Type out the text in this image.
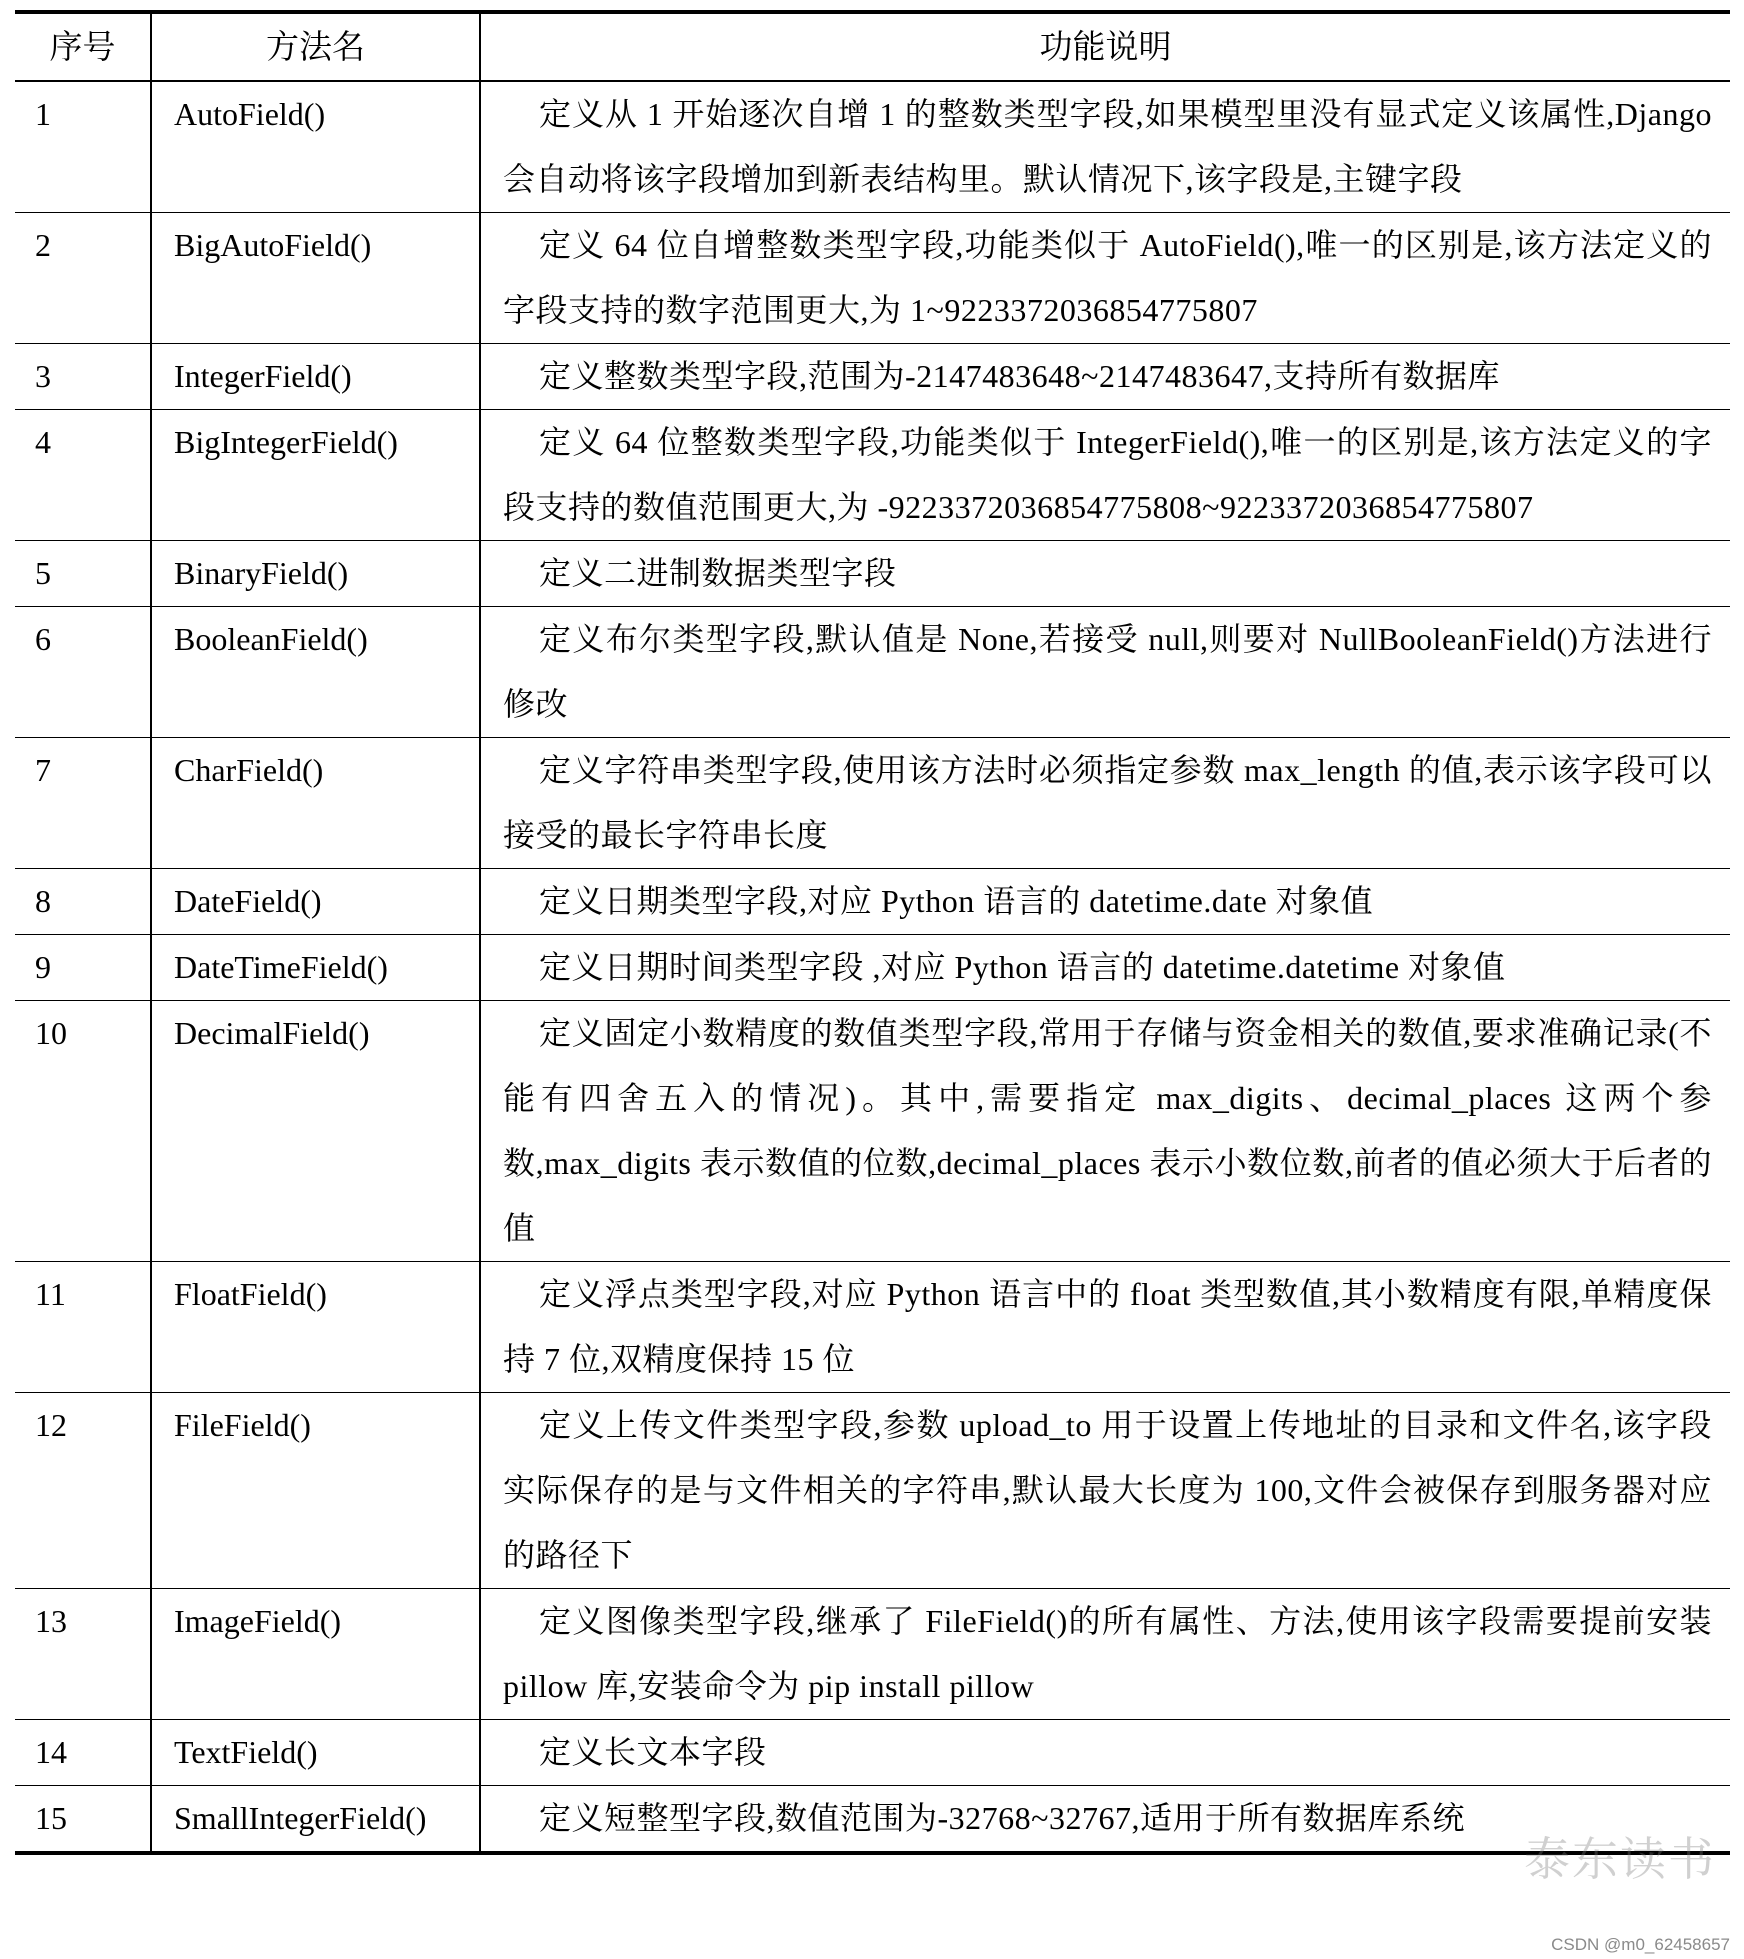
序号	方法名	功能说明
1	AutoField()	定义从 1 开始逐次自增 1 的整数类型字段,如果模型里没有显式定义该属性,Django 会自动将该字段增加到新表结构里。默认情况下,该字段是,主键字段
2	BigAutoField()	定义 64 位自增整数类型字段,功能类似于 AutoField(),唯一的区别是,该方法定义的字段支持的数字范围更大,为 1~9223372036854775807
3	IntegerField()	定义整数类型字段,范围为-2147483648~2147483647,支持所有数据库
4	BigIntegerField()	定义 64 位整数类型字段,功能类似于 IntegerField(),唯一的区别是,该方法定义的字段支持的数值范围更大,为 -9223372036854775808~9223372036854775807
5	BinaryField()	定义二进制数据类型字段
6	BooleanField()	定义布尔类型字段,默认值是 None,若接受 null,则要对 NullBooleanField()方法进行修改
7	CharField()	定义字符串类型字段,使用该方法时必须指定参数 max_length 的值,表示该字段可以接受的最长字符串长度
8	DateField()	定义日期类型字段,对应 Python 语言的 datetime.date 对象值
9	DateTimeField()	定义日期时间类型字段 ,对应 Python 语言的 datetime.datetime 对象值
10	DecimalField()	定义固定小数精度的数值类型字段,常用于存储与资金相关的数值,要求准确记录(不能有四舍五入的情况)。其中,需要指定 max_digits、decimal_places 这两个参数,max_digits 表示数值的位数,decimal_places 表示小数位数,前者的值必须大于后者的值
11	FloatField()	定义浮点类型字段,对应 Python 语言中的 float 类型数值,其小数精度有限,单精度保持 7 位,双精度保持 15 位
12	FileField()	定义上传文件类型字段,参数 upload_to 用于设置上传地址的目录和文件名,该字段实际保存的是与文件相关的字符串,默认最大长度为 100,文件会被保存到服务器对应的路径下
13	ImageField()	定义图像类型字段,继承了 FileField()的所有属性、方法,使用该字段需要提前安装 pillow 库,安装命令为 pip install pillow
14	TextField()	定义长文本字段
15	SmallIntegerField()	定义短整型字段,数值范围为-32768~32767,适用于所有数据库系统
泰东读书
CSDN @m0_62458657
